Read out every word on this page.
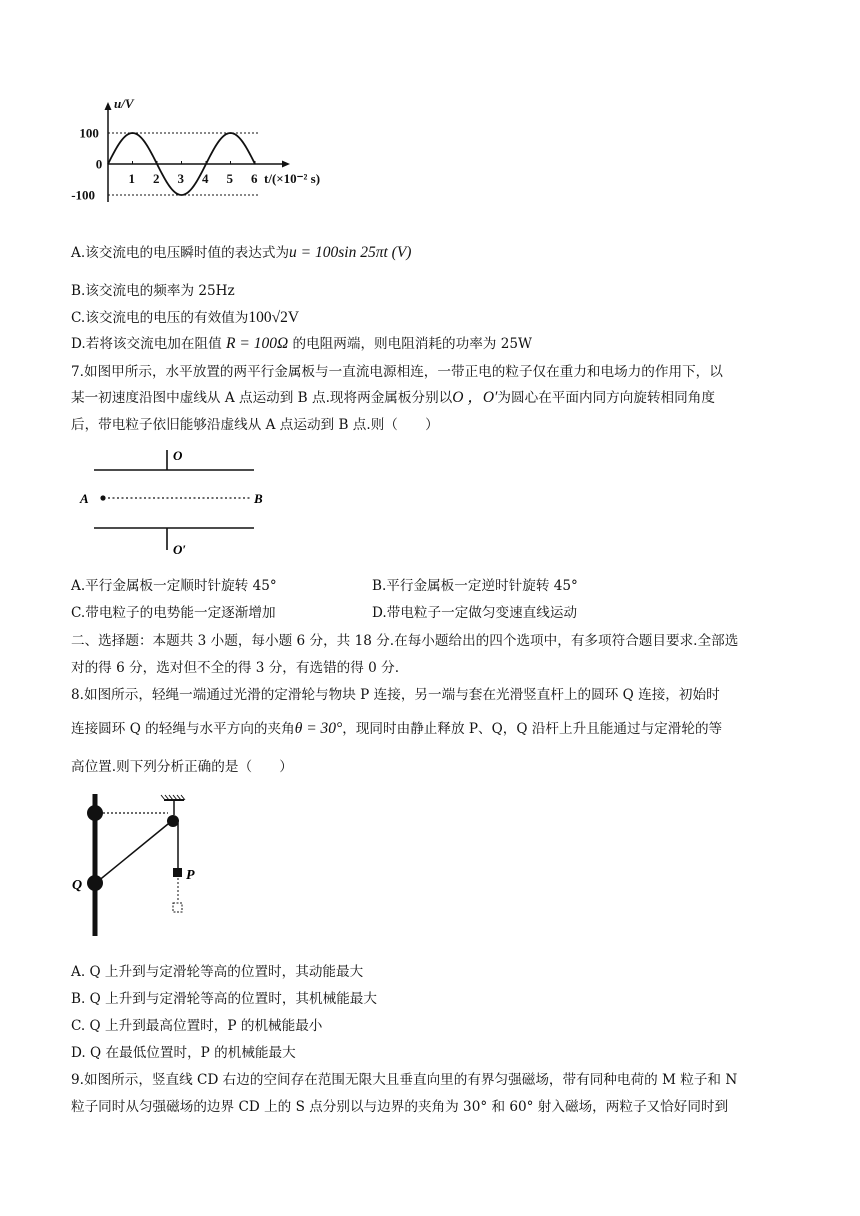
1 2 3 4 5 6
100
0
-100
u/V
t/(×10⁻² s)
A.该交流电的电压瞬时值的表达式为u = 100sin 25πt (V)
B.该交流电的频率为 25Hz
C.该交流电的电压的有效值为100√2V
D.若将该交流电加在阻值 R = 100Ω 的电阻两端，则电阻消耗的功率为 25W
7.如图甲所示，水平放置的两平行金属板与一直流电源相连，一带正电的粒子仅在重力和电场力的作用下，以
某一初速度沿图中虚线从 A 点运动到 B 点.现将两金属板分别以O ，O′为圆心在平面内同方向旋转相同角度
后，带电粒子依旧能够沿虚线从 A 点运动到 B 点.则（　　）
O
O′
A	B
A.平行金属板一定顺时针旋转 45°	B.平行金属板一定逆时针旋转 45°
C.带电粒子的电势能一定逐渐增加	D.带电粒子一定做匀变速直线运动
二、选择题：本题共 3 小题，每小题 6 分，共 18 分.在每小题给出的四个选项中，有多项符合题目要求.全部选
对的得 6 分，选对但不全的得 3 分，有选错的得 0 分.
8.如图所示，轻绳一端通过光滑的定滑轮与物块 P 连接，另一端与套在光滑竖直杆上的圆环 Q 连接，初始时
连接圆环 Q 的轻绳与水平方向的夹角θ = 30°，现同时由静止释放 P、Q，Q 沿杆上升且能通过与定滑轮的等
高位置.则下列分析正确的是（　　）
P
Q
A. Q 上升到与定滑轮等高的位置时，其动能最大
B. Q 上升到与定滑轮等高的位置时，其机械能最大
C. Q 上升到最高位置时，P 的机械能最小
D. Q 在最低位置时，P 的机械能最大
9.如图所示，竖直线 CD 右边的空间存在范围无限大且垂直向里的有界匀强磁场，带有同种电荷的 M 粒子和 N
粒子同时从匀强磁场的边界 CD 上的 S 点分别以与边界的夹角为 30° 和 60° 射入磁场，两粒子又恰好同时到
